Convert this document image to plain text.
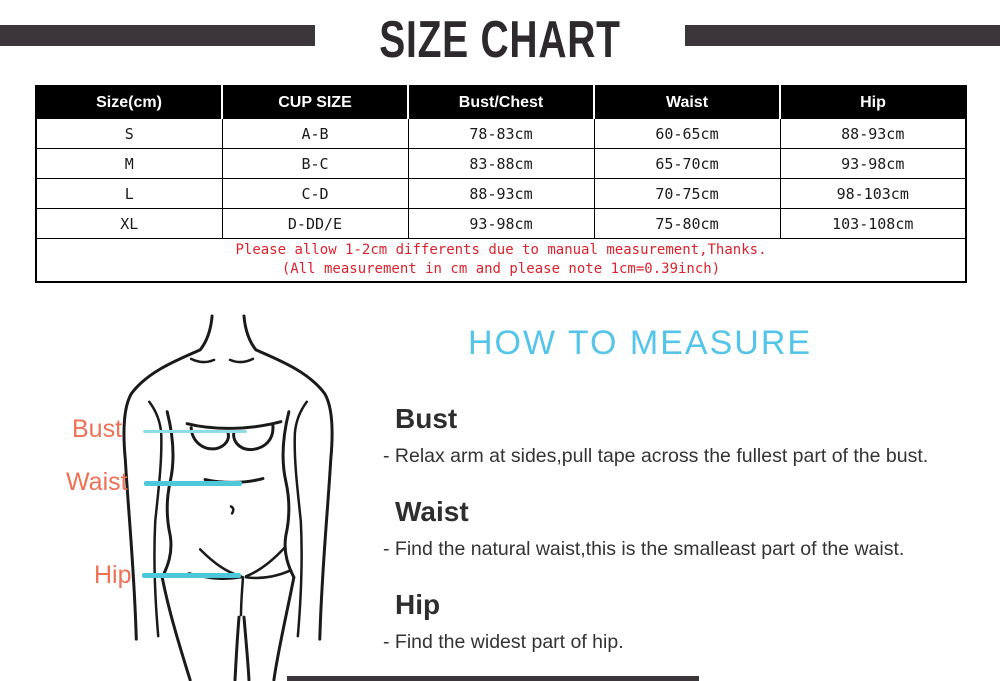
SIZE CHART
Size(cm)	CUP SIZE	Bust/Chest	Waist	Hip
S	A-B	78-83cm	60-65cm	88-93cm
M	B-C	83-88cm	65-70cm	93-98cm
L	C-D	88-93cm	70-75cm	98-103cm
XL	D-DD/E	93-98cm	75-80cm	103-108cm

Please allow 1-2cm differents due to manual measurement,Thanks.
(All measurement in cm and please note 1cm=0.39inch)				
HOW TO MEASURE
Bust
Waist
Hip
Bust

- Relax arm at sides,pull tape across the fullest part of the bust.

Waist

- Find the natural waist,this is the smalleast part of the waist.

Hip

- Find the widest part of hip.
